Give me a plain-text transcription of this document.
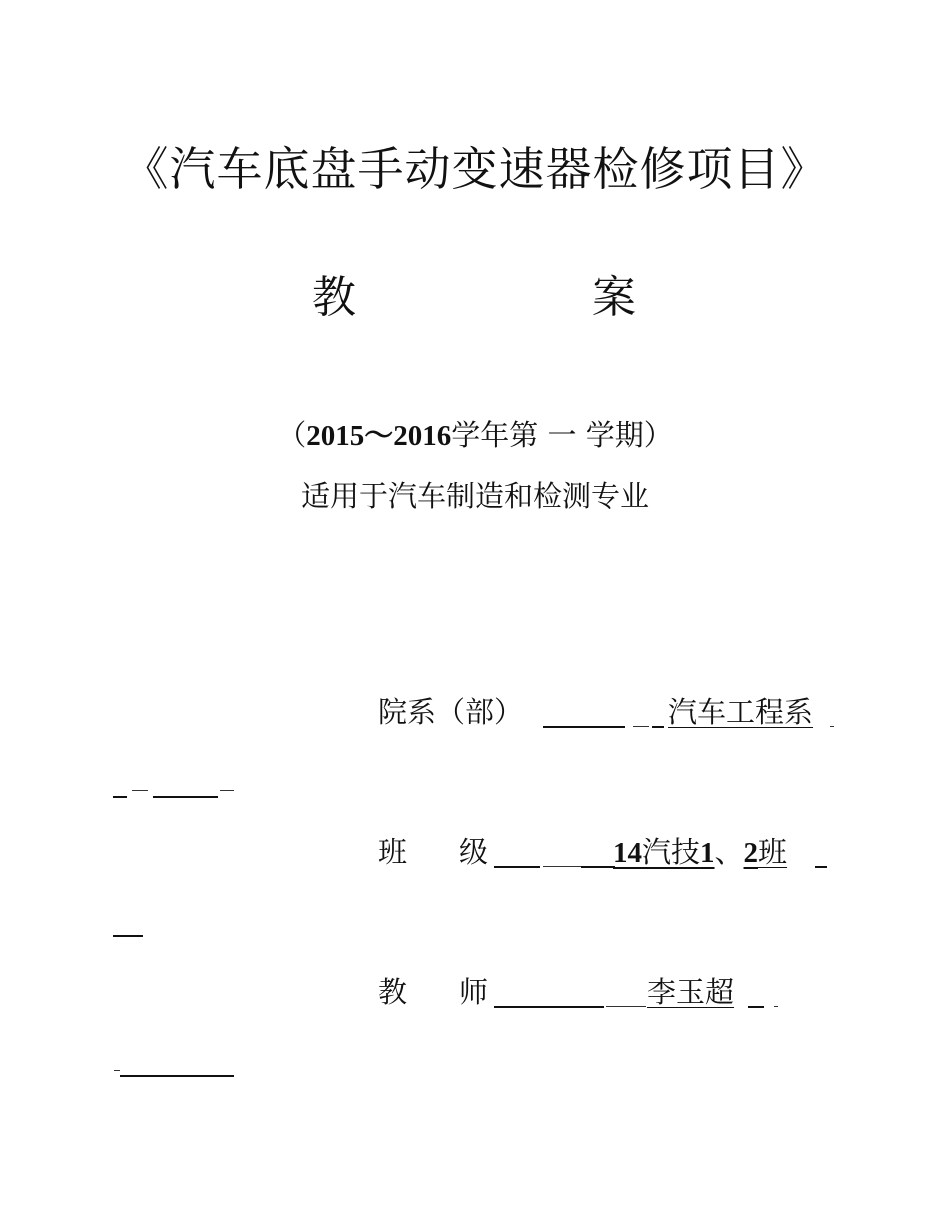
《汽车底盘手动变速器检修项目》
教	案
（2015～2016学年第 一 学期）
适用于汽车制造和检测专业
院系（部）	汽车工程系
班 级	14汽技1、2班
教 师	李玉超
